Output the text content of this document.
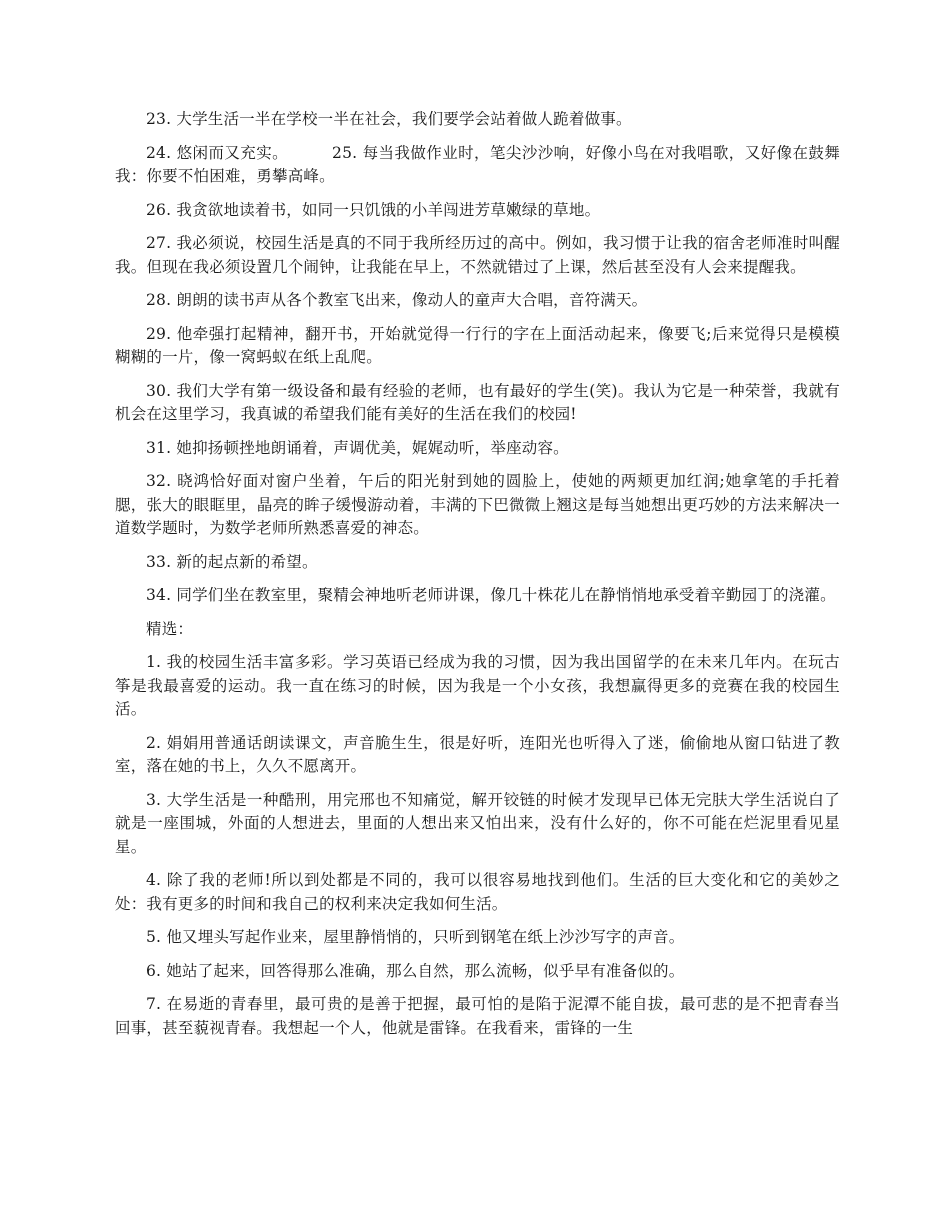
23. 大学生活一半在学校一半在社会，我们要学会站着做人跪着做事。

24. 悠闲而又充实。	25. 每当我做作业时，笔尖沙沙响，好像小鸟在对我唱歌，又好像在鼓舞我：你要不怕困难，勇攀高峰。

26. 我贪欲地读着书，如同一只饥饿的小羊闯进芳草嫩绿的草地。

27. 我必须说，校园生活是真的不同于我所经历过的高中。例如，我习惯于让我的宿舍老师准时叫醒我。但现在我必须设置几个闹钟，让我能在早上，不然就错过了上课，然后甚至没有人会来提醒我。

28. 朗朗的读书声从各个教室飞出来，像动人的童声大合唱，音符满天。

29. 他牵强打起精神，翻开书，开始就觉得一行行的字在上面活动起来，像要飞;后来觉得只是模模糊糊的一片，像一窝蚂蚁在纸上乱爬。

30. 我们大学有第一级设备和最有经验的老师，也有最好的学生(笑)。我认为它是一种荣誉，我就有机会在这里学习，我真诚的希望我们能有美好的生活在我们的校园!

31. 她抑扬顿挫地朗诵着，声调优美，娓娓动听，举座动容。

32. 晓鸿恰好面对窗户坐着，午后的阳光射到她的圆脸上，使她的两颊更加红润;她拿笔的手托着腮，张大的眼眶里，晶亮的眸子缓慢游动着，丰满的下巴微微上翘这是每当她想出更巧妙的方法来解决一道数学题时，为数学老师所熟悉喜爱的神态。

33. 新的起点新的希望。

34. 同学们坐在教室里，聚精会神地听老师讲课，像几十株花儿在静悄悄地承受着辛勤园丁的浇灌。

精选：

1. 我的校园生活丰富多彩。学习英语已经成为我的习惯，因为我出国留学的在未来几年内。在玩古筝是我最喜爱的运动。我一直在练习的时候，因为我是一个小女孩，我想赢得更多的竞赛在我的校园生活。

2. 娟娟用普通话朗读课文，声音脆生生，很是好听，连阳光也听得入了迷，偷偷地从窗口钻进了教室，落在她的书上，久久不愿离开。

3. 大学生活是一种酷刑，用完邢也不知痛觉，解开铰链的时候才发现早已体无完肤大学生活说白了就是一座围城，外面的人想进去，里面的人想出来又怕出来，没有什么好的，你不可能在烂泥里看见星星。

4. 除了我的老师!所以到处都是不同的，我可以很容易地找到他们。生活的巨大变化和它的美妙之处：我有更多的时间和我自己的权利来决定我如何生活。

5. 他又埋头写起作业来，屋里静悄悄的，只听到钢笔在纸上沙沙写字的声音。

6. 她站了起来，回答得那么准确，那么自然，那么流畅，似乎早有准备似的。

7. 在易逝的青春里，最可贵的是善于把握，最可怕的是陷于泥潭不能自拔，最可悲的是不把青春当回事，甚至藐视青春。我想起一个人，他就是雷锋。在我看来，雷锋的一生
